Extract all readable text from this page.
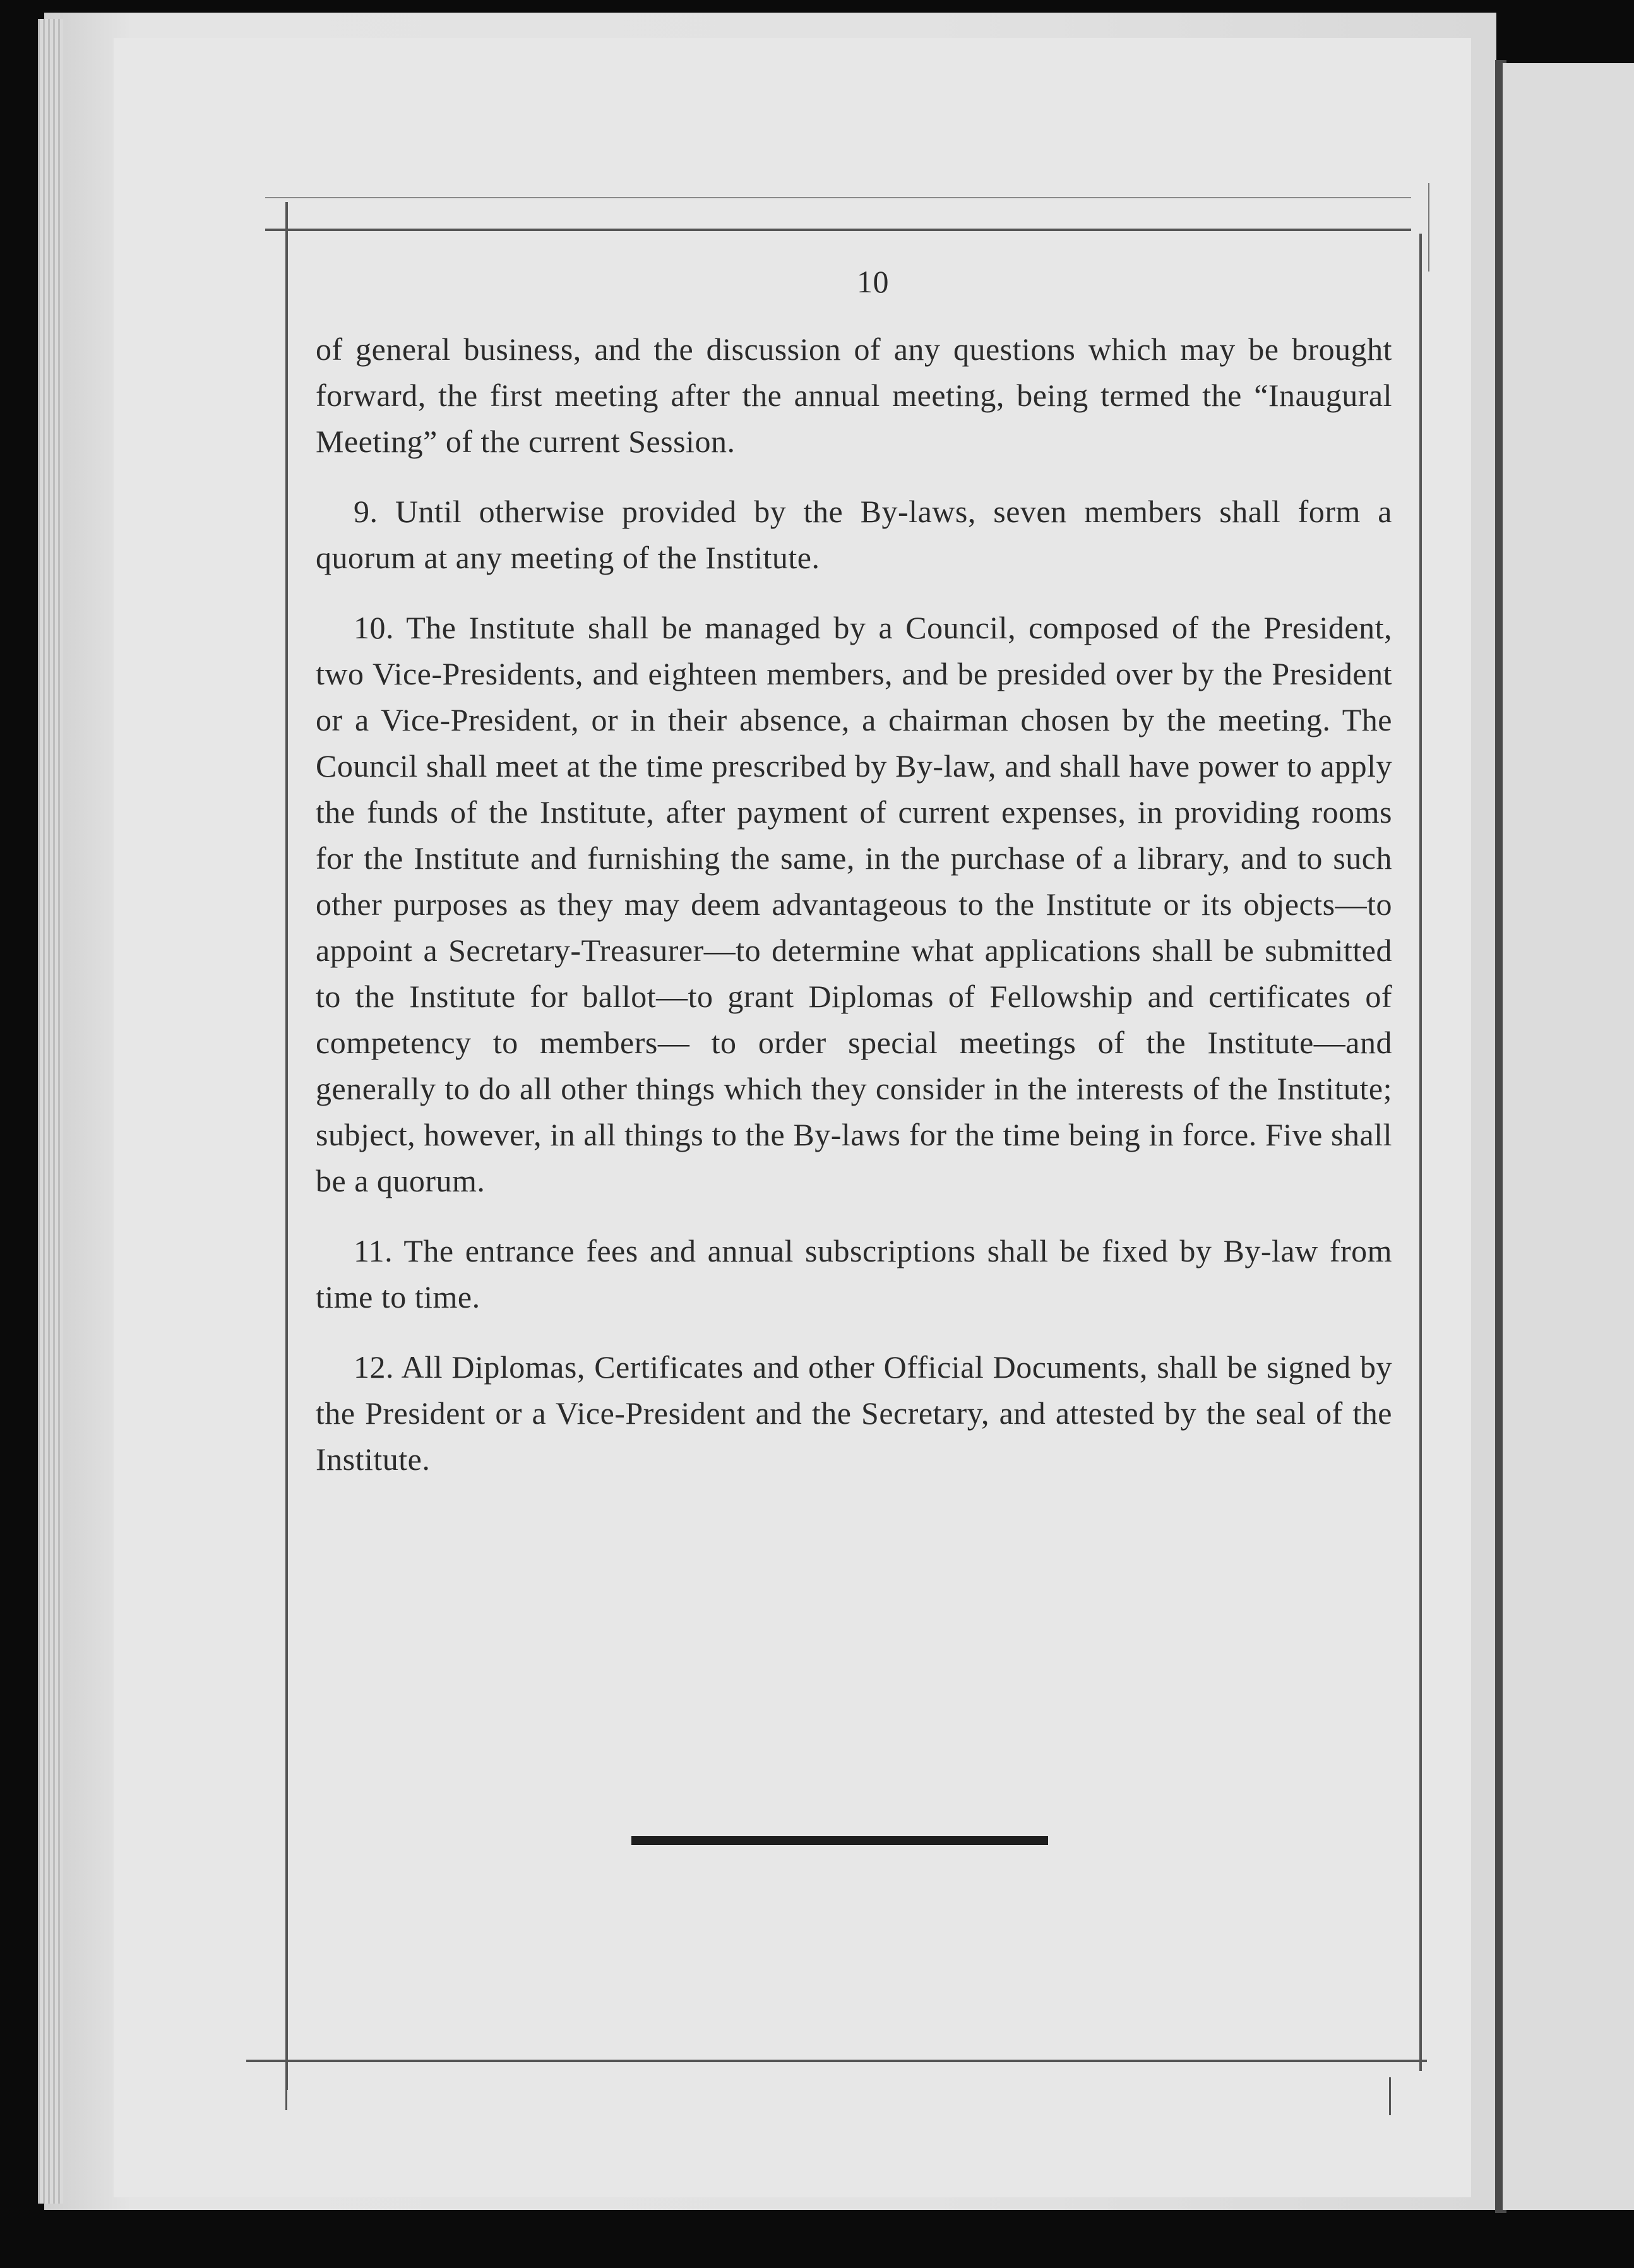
10

of general business, and the discussion of any questions which may be brought forward, the first meeting after the annual meeting, being termed the “Inaugural Meeting” of the current Session.

9. Until otherwise provided by the By-laws, seven members shall form a quorum at any meeting of the Institute.

10. The Institute shall be managed by a Council, composed of the President, two Vice-Presidents, and eighteen members, and be presided over by the President or a Vice-President, or in their absence, a chairman chosen by the meeting. The Council shall meet at the time prescribed by By-law, and shall have power to apply the funds of the Institute, after payment of current expenses, in providing rooms for the Institute and furnishing the same, in the purchase of a library, and to such other purposes as they may deem advantageous to the Institute or its objects—to appoint a Secretary-Treasurer—to determine what applications shall be submitted to the Institute for ballot—to grant Diplomas of Fellowship and certificates of competency to members— to order special meetings of the Institute—and generally to do all other things which they consider in the interests of the Institute; subject, however, in all things to the By-laws for the time being in force. Five shall be a quorum.

11. The entrance fees and annual subscriptions shall be fixed by By-law from time to time.

12. All Diplomas, Certificates and other Official Documents, shall be signed by the President or a Vice-President and the Secretary, and attested by the seal of the Institute.
